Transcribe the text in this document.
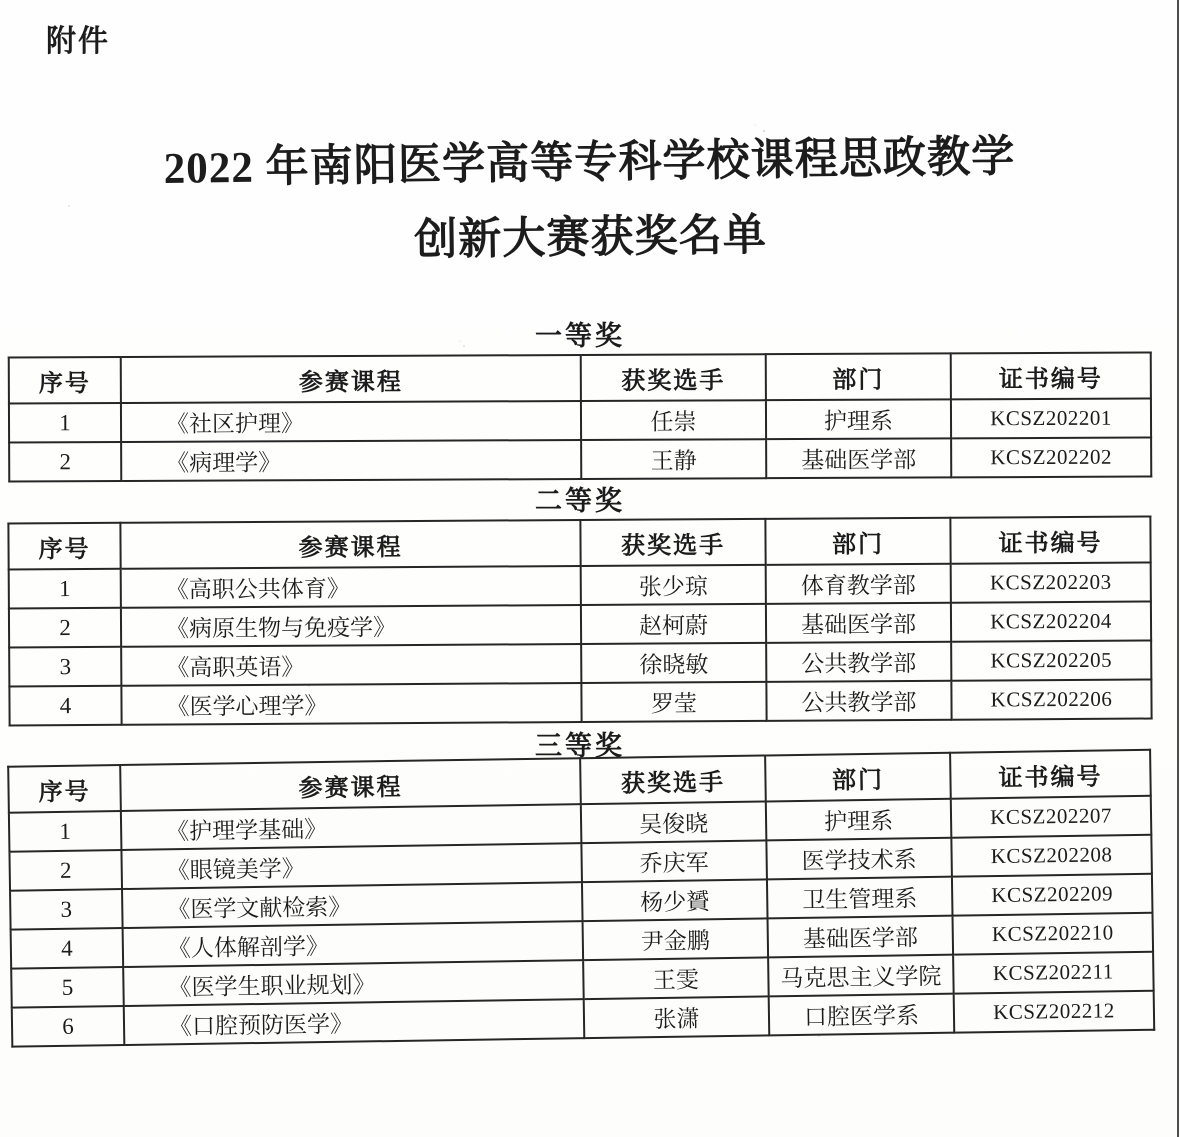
附件
2022 年南阳医学高等专科学校课程思政教学
创新大赛获奖名单
一等奖
序号	参赛课程	获奖选手	部门	证书编号
1	《社区护理》	任崇	护理系	KCSZ202201
2	《病理学》	王静	基础医学部	KCSZ202202
二等奖
序号	参赛课程	获奖选手	部门	证书编号
1	《高职公共体育》	张少琼	体育教学部	KCSZ202203
2	《病原生物与免疫学》	赵柯蔚	基础医学部	KCSZ202204
3	《高职英语》	徐晓敏	公共教学部	KCSZ202205
4	《医学心理学》	罗莹	公共教学部	KCSZ202206
三等奖
序号	参赛课程	获奖选手	部门	证书编号
1	《护理学基础》	吴俊晓	护理系	KCSZ202207
2	《眼镜美学》	乔庆军	医学技术系	KCSZ202208
3	《医学文献检索》	杨少贇	卫生管理系	KCSZ202209
4	《人体解剖学》	尹金鹏	基础医学部	KCSZ202210
5	《医学生职业规划》	王雯	马克思主义学院	KCSZ202211
6	《口腔预防医学》	张潇	口腔医学系	KCSZ202212
